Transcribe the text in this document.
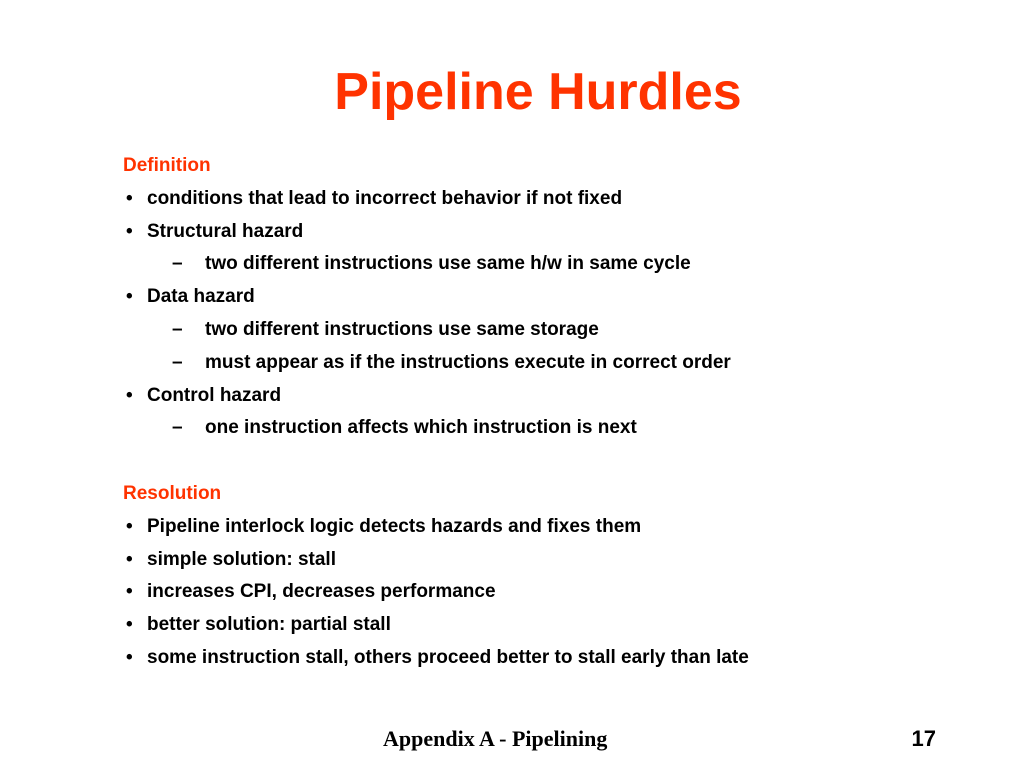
Pipeline Hurdles
Definition
• conditions that lead to incorrect behavior if not fixed
• Structural hazard
– two different instructions use same h/w in same cycle
• Data hazard
– two different instructions use same storage
– must appear as if the instructions execute in correct order
• Control hazard
– one instruction affects which instruction is next
Resolution
• Pipeline interlock logic detects hazards and fixes them
• simple solution: stall
• increases CPI, decreases performance
• better solution: partial stall
• some instruction stall, others proceed better to stall early than late
Appendix A - Pipelining	17
